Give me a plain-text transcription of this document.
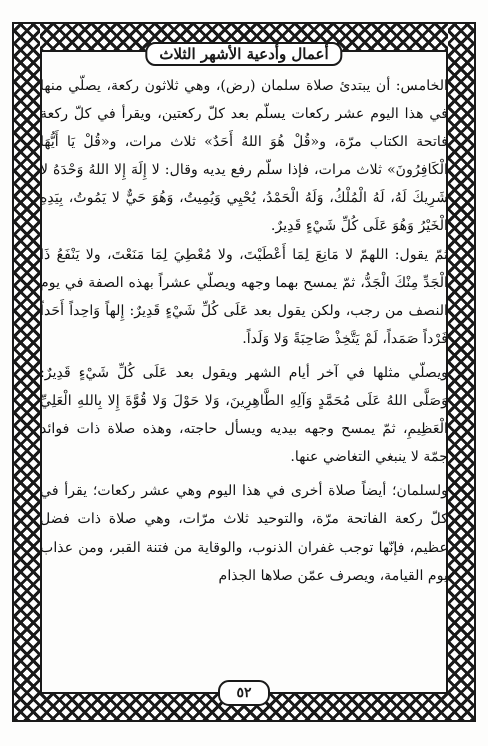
أعمال وأدعية الأشهر الثلاث

الخامس: أن يبتدئ صلاة سلمان (رض)، وهي ثلاثون ركعة، يصلّي منها في هذا اليوم عشر ركعات يسلّم بعد كلّ ركعتين، ويقرأ في كلّ ركعة فاتحة الكتاب مرّة، و«قُلْ هُوَ اللهُ أَحَدٌ» ثلاث مرات، و«قُلْ يَا أَيُّهَا الْكَافِرُونَ» ثلاث مرات، فإذا سلّم رفع يديه وقال: لا إِلَهَ إِلا اللهُ وَحْدَهُ لا شَرِيكَ لَهُ، لَهُ الْمُلْكُ، وَلَهُ الْحَمْدُ، يُحْيِي وَيُمِيتُ، وَهُوَ حَيٌّ لا يَمُوتُ، بِيَدِهِ الْخَيْرُ وَهُوَ عَلَى كُلِّ شَيْءٍ قَدِيرٌ.

ثمّ يقول: اللهمّ لا مَانِعَ لِمَا أَعْطَيْتَ، ولا مُعْطِيَ لِمَا مَنَعْتَ، ولا يَنْفَعُ ذَا الْجَدِّ مِنْكَ الْجَدُّ، ثمّ يمسح بهما وجهه ويصلّي عشراً بهذه الصفة في يوم النصف من رجب، ولكن يقول بعد عَلَى كُلِّ شَيْءٍ قَدِيرٌ: إِلهاً وَاحِداً أَحَداً فَرْداً صَمَداً، لَمْ يَتَّخِذْ صَاحِبَةً وَلا وَلَداً.

ويصلّي مثلها في آخر أيام الشهر ويقول بعد عَلَى كُلِّ شَيْءٍ قَدِيرٌ: وَصَلَّى اللهُ عَلَى مُحَمَّدٍ وَآلِهِ الطَّاهِرِينَ، وَلا حَوْلَ وَلا قُوَّةَ إِلا بِاللهِ الْعَلِيِّ الْعَظِيمِ، ثمّ يمسح وجهه بيديه ويسأل حاجته، وهذه صلاة ذات فوائد جمّة لا ينبغي التغاضي عنها.

ولسلمان؛ أيضاً صلاة أخرى في هذا اليوم وهي عشر ركعات؛ يقرأ في كلّ ركعة الفاتحة مرّة، والتوحيد ثلاث مرّات، وهي صلاة ذات فضل عظيم، فإنّها توجب غفران الذنوب، والوقاية من فتنة القبر، ومن عذاب يوم القيامة، ويصرف عمّن صلاها الجذام

٥٢
